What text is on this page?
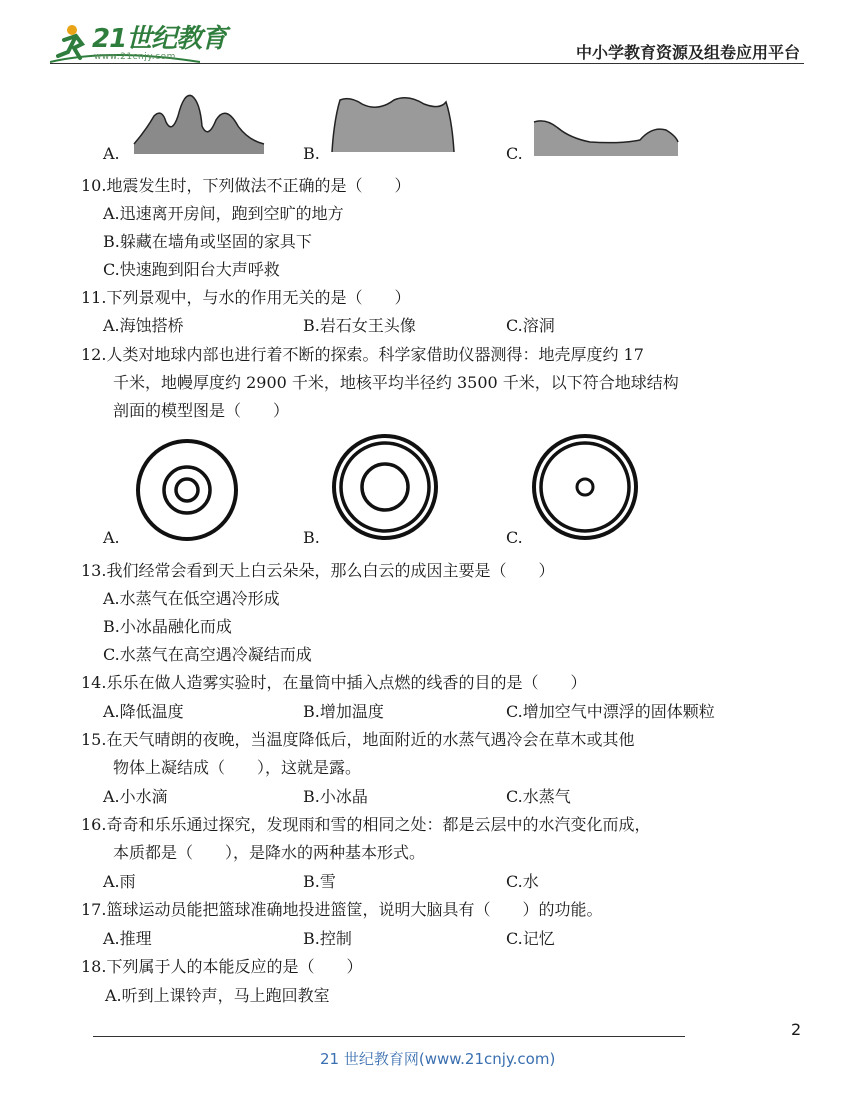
21世纪教育
www.21cnjy.com	中小学教育资源及组卷应用平台
A.	B.	C.
10.地震发生时，下列做法不正确的是（　　）
A.迅速离开房间，跑到空旷的地方
B.躲藏在墙角或坚固的家具下
C.快速跑到阳台大声呼救
11.下列景观中，与水的作用无关的是（　　）
A.海蚀搭桥	B.岩石女王头像	C.溶洞
12.人类对地球内部也进行着不断的探索。科学家借助仪器测得：地壳厚度约 17
千米，地幔厚度约 2900 千米，地核平均半径约 3500 千米，以下符合地球结构
剖面的模型图是（　　）
A.	B.	C.
13.我们经常会看到天上白云朵朵，那么白云的成因主要是（　　）
A.水蒸气在低空遇冷形成
B.小冰晶融化而成
C.水蒸气在高空遇冷凝结而成
14.乐乐在做人造雾实验时，在量筒中插入点燃的线香的目的是（　　）
A.降低温度	B.增加温度	C.增加空气中漂浮的固体颗粒
15.在天气晴朗的夜晚，当温度降低后，地面附近的水蒸气遇冷会在草木或其他
物体上凝结成（　　），这就是露。
A.小水滴	B.小冰晶	C.水蒸气
16.奇奇和乐乐通过探究，发现雨和雪的相同之处：都是云层中的水汽变化而成，
本质都是（　　），是降水的两种基本形式。
A.雨	B.雪	C.水
17.篮球运动员能把篮球准确地投进篮筐，说明大脑具有（　　）的功能。
A.推理	B.控制	C.记忆
18.下列属于人的本能反应的是（　　）
A.听到上课铃声，马上跑回教室
2
21 世纪教育网(www.21cnjy.com)
